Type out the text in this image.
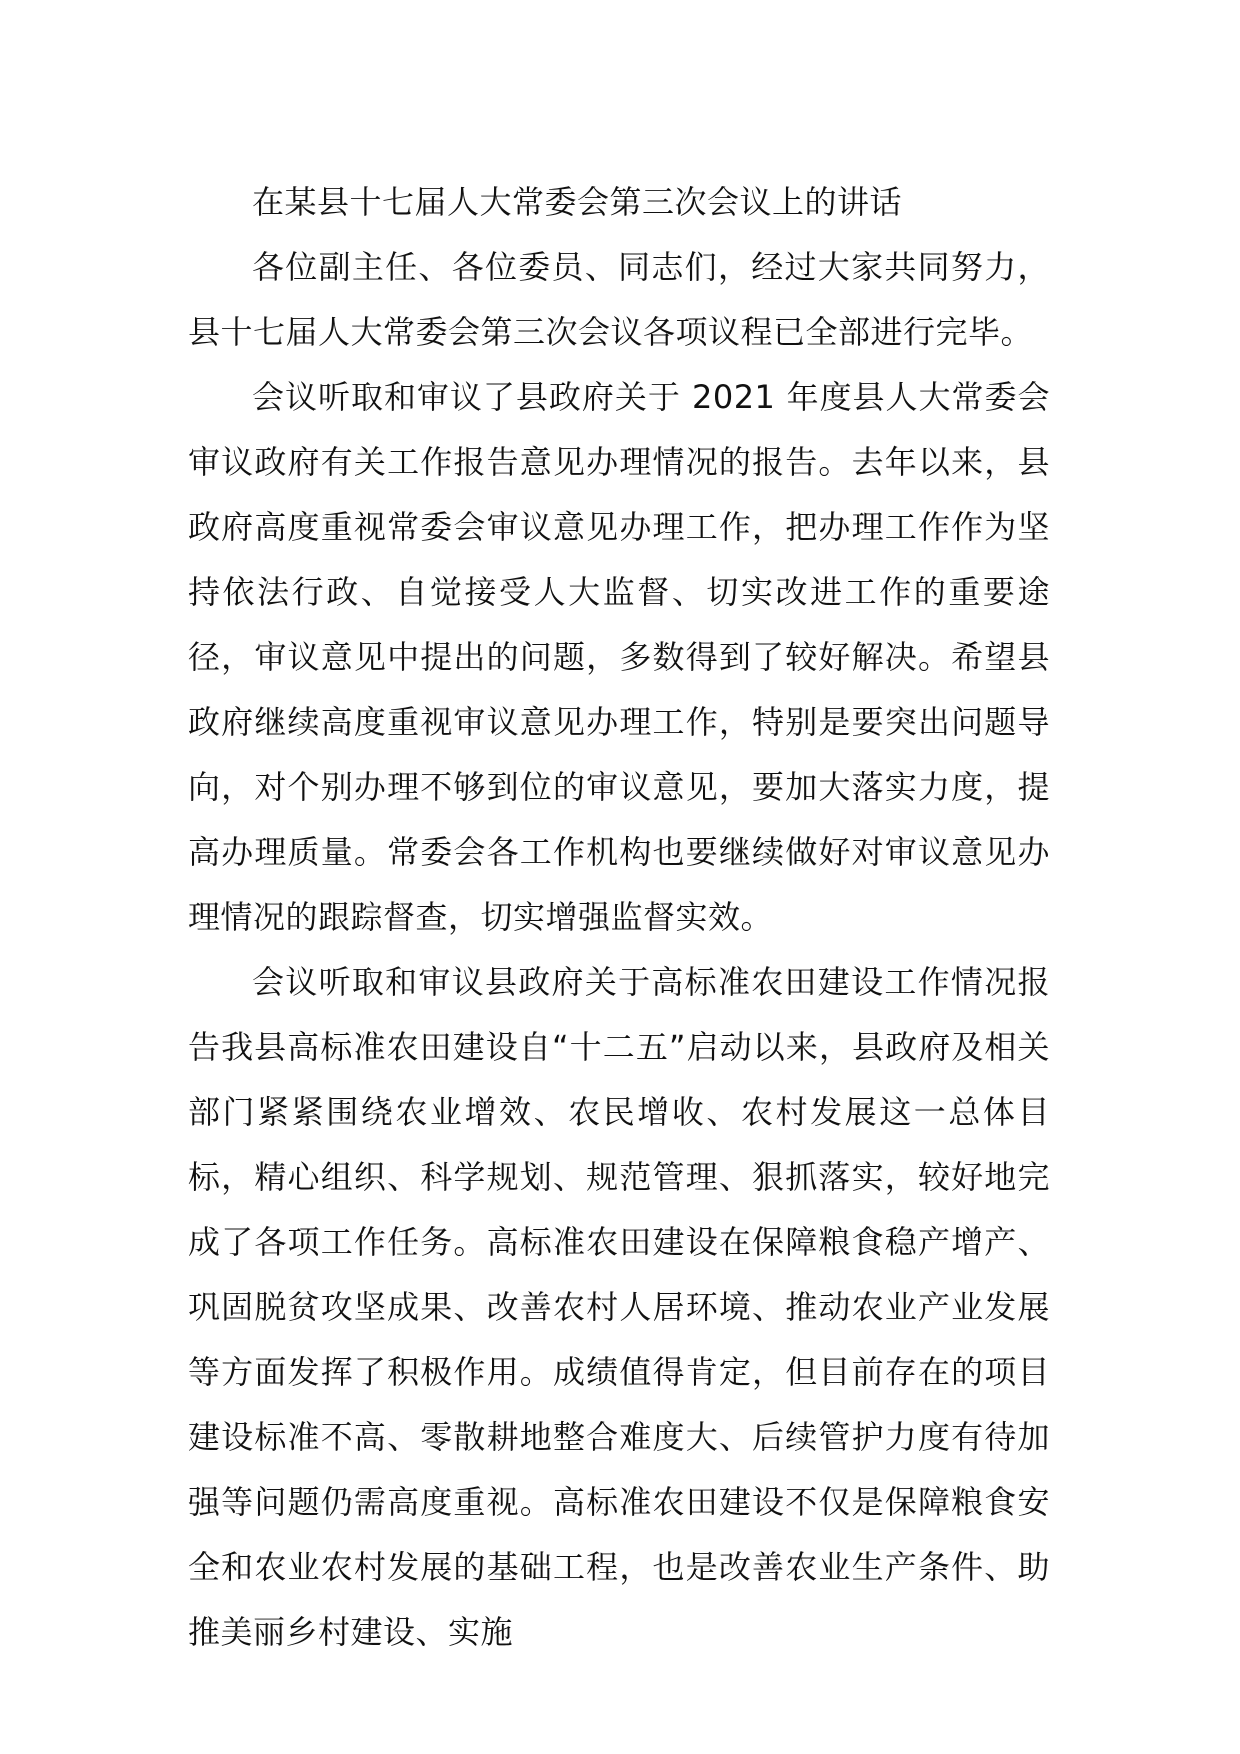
在某县十七届人大常委会第三次会议上的讲话

各位副主任、各位委员、同志们，经过大家共同努力，县十七届人大常委会第三次会议各项议程已全部进行完毕。

会议听取和审议了县政府关于 2021 年度县人大常委会审议政府有关工作报告意见办理情况的报告。去年以来，县政府高度重视常委会审议意见办理工作，把办理工作作为坚持依法行政、自觉接受人大监督、切实改进工作的重要途径，审议意见中提出的问题，多数得到了较好解决。希望县政府继续高度重视审议意见办理工作，特别是要突出问题导向，对个别办理不够到位的审议意见，要加大落实力度，提高办理质量。常委会各工作机构也要继续做好对审议意见办理情况的跟踪督查，切实增强监督实效。

会议听取和审议县政府关于高标准农田建设工作情况报告我县高标准农田建设自“十二五”启动以来，县政府及相关部门紧紧围绕农业增效、农民增收、农村发展这一总体目标，精心组织、科学规划、规范管理、狠抓落实，较好地完成了各项工作任务。高标准农田建设在保障粮食稳产增产、巩固脱贫攻坚成果、改善农村人居环境、推动农业产业发展等方面发挥了积极作用。成绩值得肯定，但目前存在的项目建设标准不高、零散耕地整合难度大、后续管护力度有待加强等问题仍需高度重视。高标准农田建设不仅是保障粮食安全和农业农村发展的基础工程，也是改善农业生产条件、助推美丽乡村建设、实施
